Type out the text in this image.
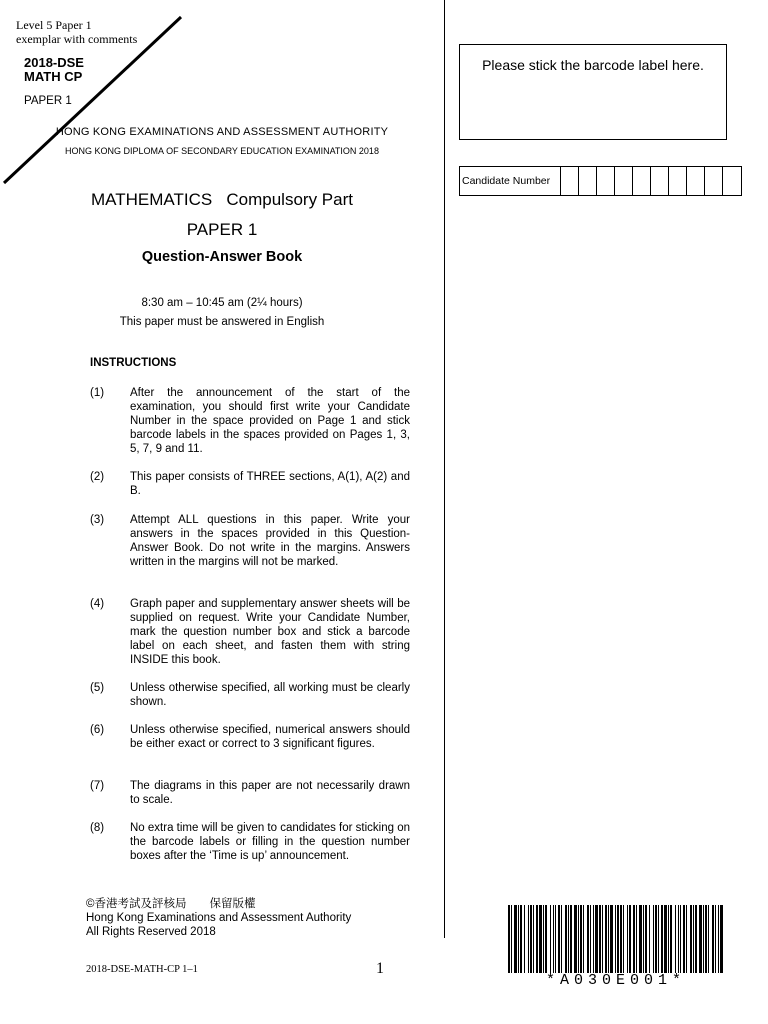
Level 5 Paper 1
exemplar with comments
2018-DSE
MATH CP
PAPER 1
HONG KONG EXAMINATIONS AND ASSESSMENT AUTHORITY
HONG KONG DIPLOMA OF SECONDARY EDUCATION EXAMINATION 2018
MATHEMATICS   Compulsory Part
PAPER 1
Question-Answer Book
8:30 am – 10:45 am (2¼ hours)
This paper must be answered in English
INSTRUCTIONS
(1) After the announcement of the start of the examination, you should first write your Candidate Number in the space provided on Page 1 and stick barcode labels in the spaces provided on Pages 1, 3, 5, 7, 9 and 11.
(2) This paper consists of THREE sections, A(1), A(2) and B.
(3) Attempt ALL questions in this paper. Write your answers in the spaces provided in this Question-Answer Book. Do not write in the margins. Answers written in the margins will not be marked.
(4) Graph paper and supplementary answer sheets will be supplied on request. Write your Candidate Number, mark the question number box and stick a barcode label on each sheet, and fasten them with string INSIDE this book.
(5) Unless otherwise specified, all working must be clearly shown.
(6) Unless otherwise specified, numerical answers should be either exact or correct to 3 significant figures.
(7) The diagrams in this paper are not necessarily drawn to scale.
(8) No extra time will be given to candidates for sticking on the barcode labels or filling in the question number boxes after the ‘Time is up’ announcement.
©香港考試及評核局　　保留版權
Hong Kong Examinations and Assessment Authority
All Rights Reserved 2018
2018-DSE-MATH-CP 1–1	1
Please stick the barcode label here.
Candidate Number
*A030E001*
